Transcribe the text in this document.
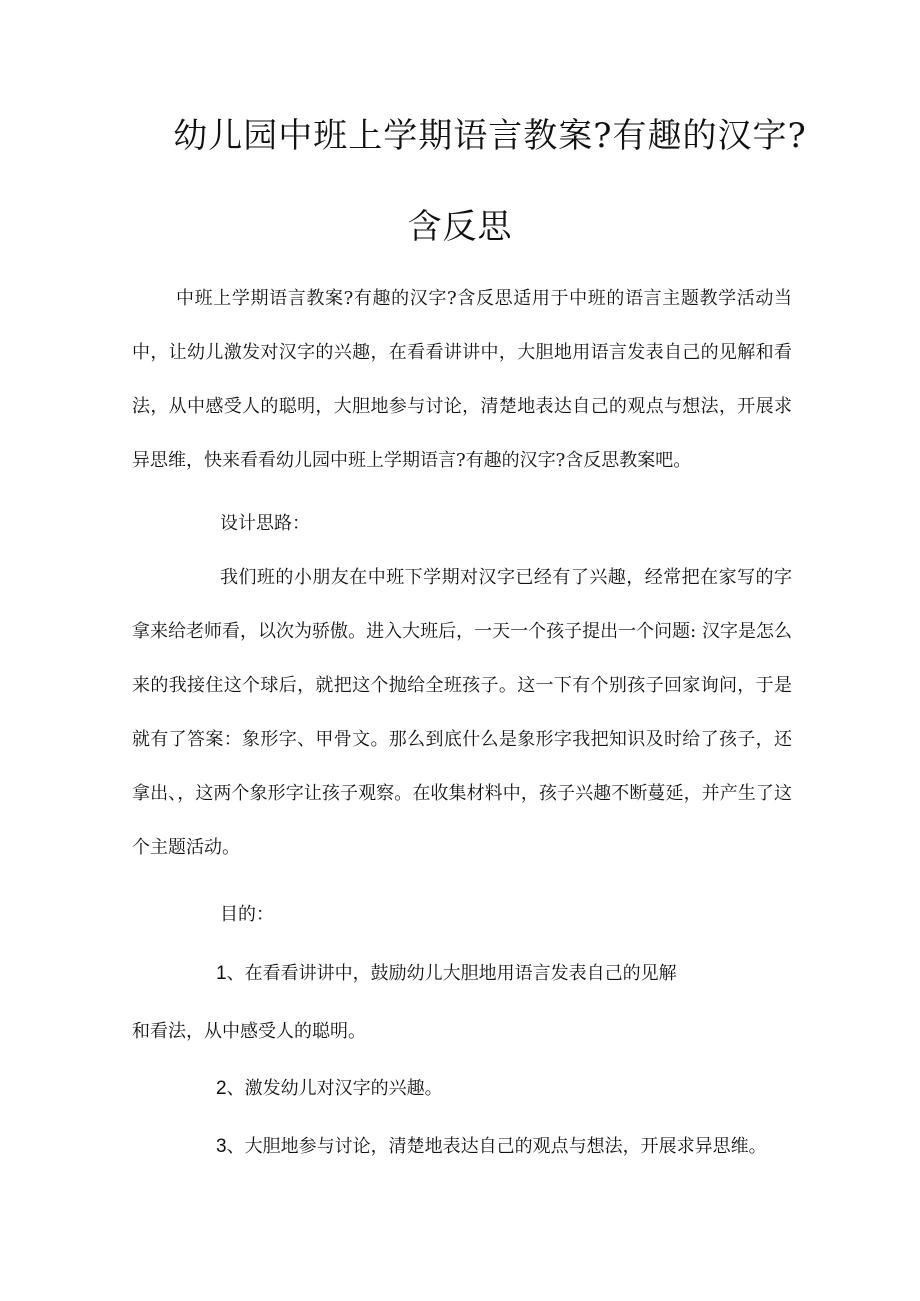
幼儿园中班上学期语言教案?有趣的汉字?
含反思

中班上学期语言教案?有趣的汉字?含反思适用于中班的语言主题教学活动当中，让幼儿激发对汉字的兴趣，在看看讲讲中，大胆地用语言发表自己的见解和看法，从中感受人的聪明，大胆地参与讨论，清楚地表达自己的观点与想法，开展求异思维，快来看看幼儿园中班上学期语言?有趣的汉字?含反思教案吧。

设计思路：

我们班的小朋友在中班下学期对汉字已经有了兴趣，经常把在家写的字拿来给老师看，以次为骄傲。进入大班后，一天一个孩子提出一个问题: 汉字是怎么来的我接住这个球后，就把这个抛给全班孩子。这一下有个别孩子回家询问，于是就有了答案：象形字、甲骨文。那么到底什么是象形字我把知识及时给了孩子，还拿出、，这两个象形字让孩子观察。在收集材料中，孩子兴趣不断蔓延，并产生了这个主题活动。

目的：

1、在看看讲讲中，鼓励幼儿大胆地用语言发表自己的见解
和看法，从中感受人的聪明。
2、激发幼儿对汉字的兴趣。
3、大胆地参与讨论，清楚地表达自己的观点与想法，开展求异思维。
